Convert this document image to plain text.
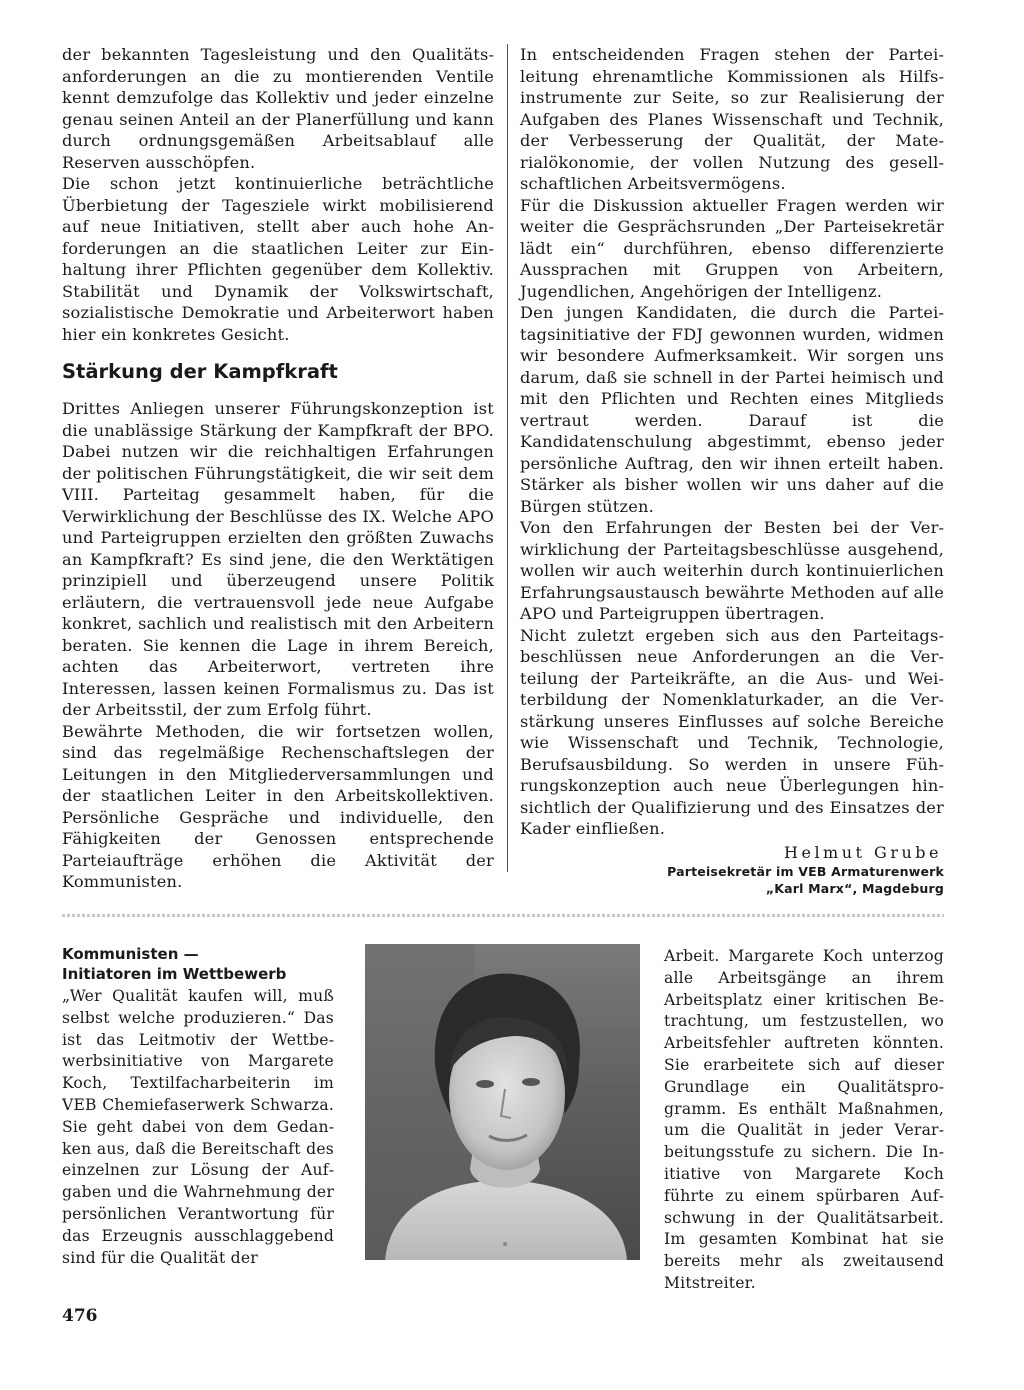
der bekannten Tagesleistung und den Qualitätsanforderungen an die zu montierenden Ventile kennt demzufolge das Kollektiv und jeder einzelne genau seinen Anteil an der Planerfüllung und kann durch ordnungsgemäßen Arbeitsablauf alle Reserven ausschöpfen.

Die schon jetzt kontinuierliche beträchtliche Überbietung der Tagesziele wirkt mobilisierend auf neue Initiativen, stellt aber auch hohe Anforderungen an die staatlichen Leiter zur Einhaltung ihrer Pflichten gegenüber dem Kollektiv. Stabilität und Dynamik der Volkswirtschaft, sozialistische Demokratie und Arbeiterwort haben hier ein konkretes Gesicht.

Stärkung der Kampfkraft

Drittes Anliegen unserer Führungskonzeption ist die unablässige Stärkung der Kampfkraft der BPO. Dabei nutzen wir die reichhaltigen Erfahrungen der politischen Führungstätigkeit, die wir seit dem VIII. Parteitag gesammelt haben, für die Verwirklichung der Beschlüsse des IX. Welche APO und Parteigruppen erzielten den größten Zuwachs an Kampfkraft? Es sind jene, die den Werktätigen prinzipiell und überzeugend unsere Politik erläutern, die vertrauensvoll jede neue Aufgabe konkret, sachlich und realistisch mit den Arbeitern beraten. Sie kennen die Lage in ihrem Bereich, achten das Arbeiterwort, vertreten ihre Interessen, lassen keinen Formalismus zu. Das ist der Arbeitsstil, der zum Erfolg führt.

Bewährte Methoden, die wir fortsetzen wollen, sind das regelmäßige Rechenschaftslegen der Leitungen in den Mitgliederversammlungen und der staatlichen Leiter in den Arbeitskollektiven. Persönliche Gespräche und individuelle, den Fähigkeiten der Genossen entsprechende Parteiaufträge erhöhen die Aktivität der Kommunisten.

In entscheidenden Fragen stehen der Parteileitung ehrenamtliche Kommissionen als Hilfsinstrumente zur Seite, so zur Realisierung der Aufgaben des Planes Wissenschaft und Technik, der Verbesserung der Qualität, der Materialökonomie, der vollen Nutzung des gesellschaftlichen Arbeitsvermögens.

Für die Diskussion aktueller Fragen werden wir weiter die Gesprächsrunden „Der Parteisekretär lädt ein“ durchführen, ebenso differenzierte Aussprachen mit Gruppen von Arbeitern, Jugendlichen, Angehörigen der Intelligenz.

Den jungen Kandidaten, die durch die Parteitagsinitiative der FDJ gewonnen wurden, widmen wir besondere Aufmerksamkeit. Wir sorgen uns darum, daß sie schnell in der Partei heimisch und mit den Pflichten und Rechten eines Mitglieds vertraut werden. Darauf ist die Kandidatenschulung abgestimmt, ebenso jeder persönliche Auftrag, den wir ihnen erteilt haben. Stärker als bisher wollen wir uns daher auf die Bürgen stützen.

Von den Erfahrungen der Besten bei der Verwirklichung der Parteitagsbeschlüsse ausgehend, wollen wir auch weiterhin durch kontinuierlichen Erfahrungsaustausch bewährte Methoden auf alle APO und Parteigruppen übertragen.

Nicht zuletzt ergeben sich aus den Parteitagsbeschlüssen neue Anforderungen an die Verteilung der Parteikräfte, an die Aus- und Weiterbildung der Nomenklaturkader, an die Verstärkung unseres Einflusses auf solche Bereiche wie Wissenschaft und Technik, Technologie, Berufsausbildung. So werden in unsere Führungskonzeption auch neue Überlegungen hinsichtlich der Qualifizierung und des Einsatzes der Kader einfließen.

Helmut Grube
Parteisekretär im VEB Armaturenwerk
„Karl Marx“, Magdeburg
Kommunisten —
Initiatoren im Wettbewerb

„Wer Qualität kaufen will, muß selbst welche produzieren.“ Das ist das Leitmotiv der Wettbewerbsinitiative von Margarete Koch, Textilfacharbeiterin im VEB Chemiefaserwerk Schwarza. Sie geht dabei von dem Gedanken aus, daß die Bereitschaft des einzelnen zur Lösung der Aufgaben und die Wahrnehmung der persönlichen Verantwortung für das Erzeugnis ausschlaggebend sind für die Qualität der

Arbeit. Margarete Koch unterzog alle Arbeitsgänge an ihrem Arbeitsplatz einer kritischen Betrachtung, um festzustellen, wo Arbeitsfehler auftreten könnten. Sie erarbeitete sich auf dieser Grundlage ein Qualitätsprogramm. Es enthält Maßnahmen, um die Qualität in jeder Verarbeitungsstufe zu sichern. Die Initiative von Margarete Koch führte zu einem spürbaren Aufschwung in der Qualitätsarbeit. Im gesamten Kombinat hat sie bereits mehr als zweitausend Mitstreiter.

476
